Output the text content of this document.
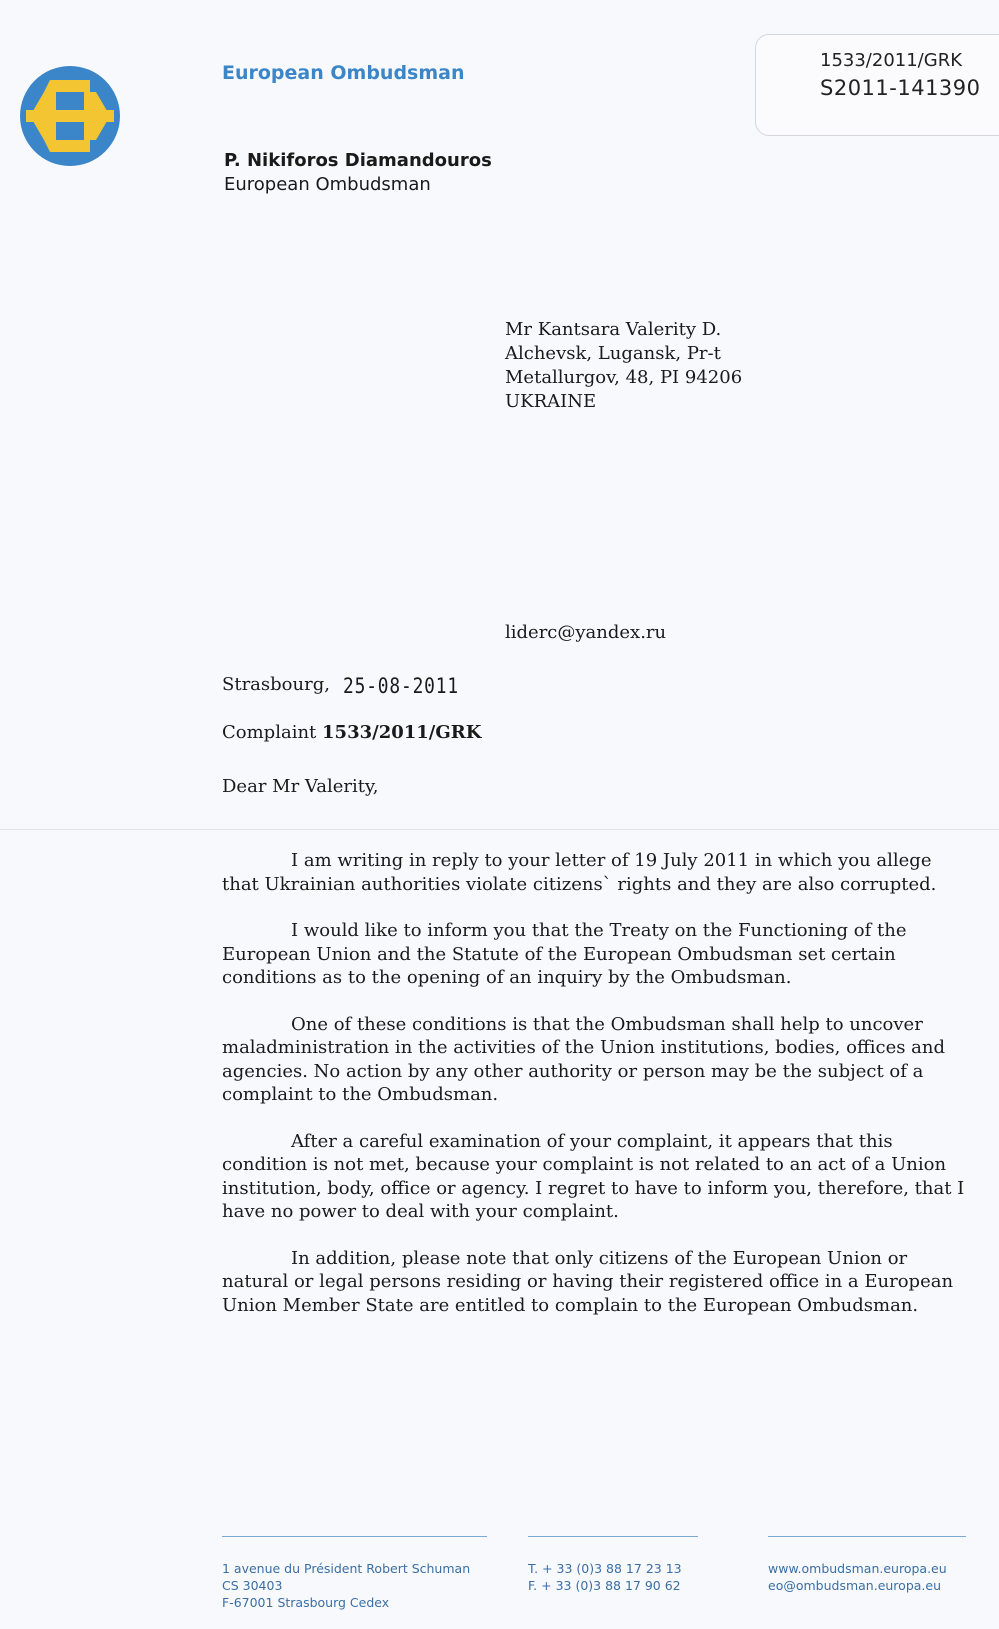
European Ombudsman
1533/2011/GRK
S2011-141390
P. Nikiforos Diamandouros
European Ombudsman
Mr Kantsara Valerity D.
Alchevsk, Lugansk, Pr-t
Metallurgov, 48, PI 94206
UKRAINE
liderc@yandex.ru
Strasbourg, 25-08-2011
Complaint 1533/2011/GRK
Dear Mr Valerity,

I am writing in reply to your letter of 19 July 2011 in which you allege that Ukrainian authorities violate citizens` rights and they are also corrupted.

I would like to inform you that the Treaty on the Functioning of the European Union and the Statute of the European Ombudsman set certain conditions as to the opening of an inquiry by the Ombudsman.

One of these conditions is that the Ombudsman shall help to uncover maladministration in the activities of the Union institutions, bodies, offices and agencies. No action by any other authority or person may be the subject of a complaint to the Ombudsman.

After a careful examination of your complaint, it appears that this condition is not met, because your complaint is not related to an act of a Union institution, body, office or agency. I regret to have to inform you, therefore, that I have no power to deal with your complaint.

In addition, please note that only citizens of the European Union or natural or legal persons residing or having their registered office in a European Union Member State are entitled to complain to the European Ombudsman.

1 avenue du Président Robert Schuman
CS 30403
F-67001 Strasbourg Cedex
T. + 33 (0)3 88 17 23 13
F. + 33 (0)3 88 17 90 62
www.ombudsman.europa.eu
eo@ombudsman.europa.eu
